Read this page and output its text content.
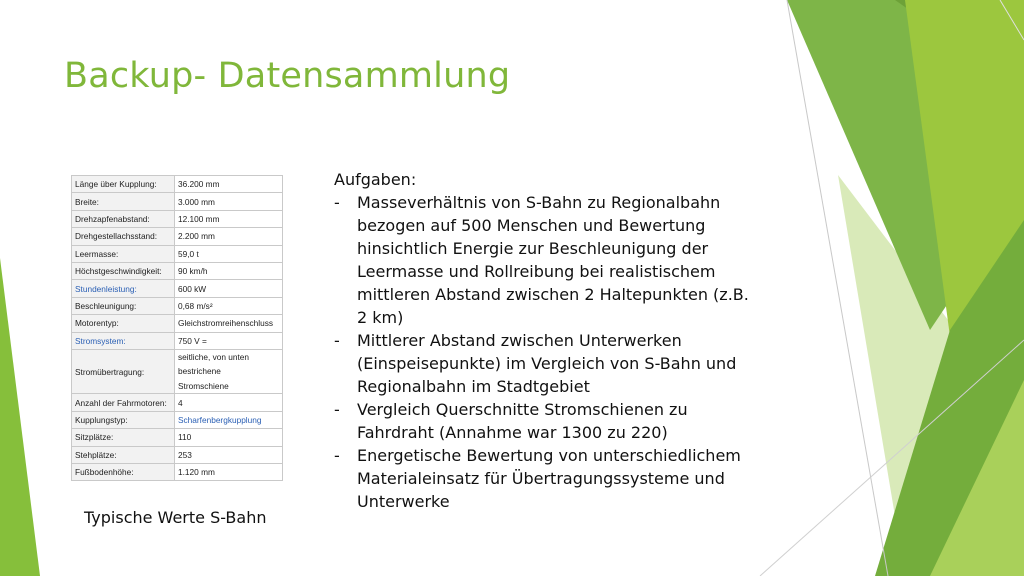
Backup- Datensammlung
Länge über Kupplung:	36.200 mm
Breite:	3.000 mm
Drehzapfenabstand:	12.100 mm
Drehgestellachsstand:	2.200 mm
Leermasse:	59,0 t
Höchstgeschwindigkeit:	90 km/h
Stundenleistung:	600 kW
Beschleunigung:	0,68 m/s²
Motorentyp:	Gleichstromreihenschluss
Stromsystem:	750 V =
Stromübertragung:	seitliche, von unten
bestrichene
Stromschiene

Anzahl der Fahrmotoren:	4
Kupplungstyp:	Scharfenbergkupplung
Sitzplätze:	110
Stehplätze:	253
Fußbodenhöhe:	1.120 mm
Typische Werte S-Bahn

Aufgaben:

- Masseverhältnis von S-Bahn zu Regionalbahn
bezogen auf 500 Menschen und Bewertung
hinsichtlich Energie zur Beschleunigung der
Leermasse und Rollreibung bei realistischem
mittleren Abstand zwischen 2 Haltepunkten (z.B.
2 km)
- Mittlerer Abstand zwischen Unterwerken
(Einspeisepunkte) im Vergleich von S-Bahn und
Regionalbahn im Stadtgebiet
- Vergleich Querschnitte Stromschienen zu
Fahrdraht (Annahme war 1300 zu 220)
- Energetische Bewertung von unterschiedlichem
Materialeinsatz für Übertragungssysteme und
Unterwerke
